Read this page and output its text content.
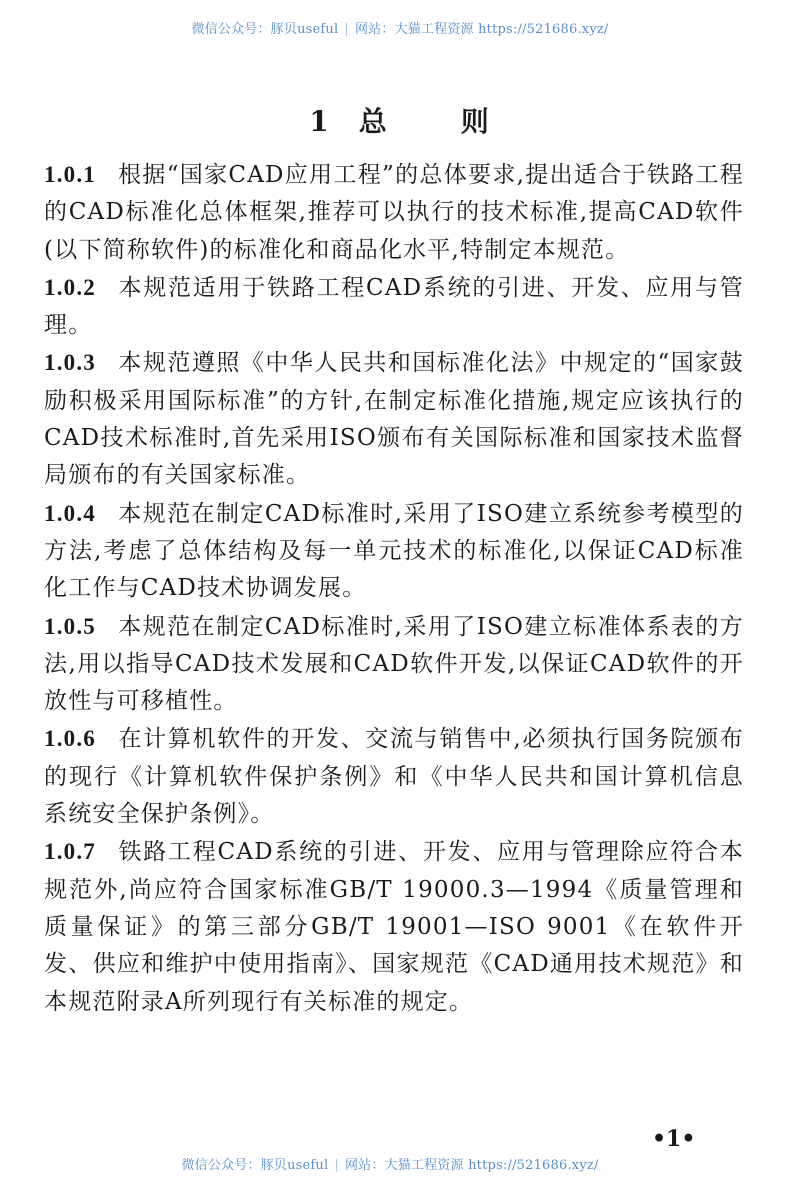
微信公众号：豚贝useful | 网站：大猫工程资源 https://521686.xyz/
1 总	则

1.0.1 根据“国家CAD应用工程”的总体要求,提出适合于铁路工程的CAD标准化总体框架,推荐可以执行的技术标准,提高CAD软件(以下简称软件)的标准化和商品化水平,特制定本规范。

1.0.2 本规范适用于铁路工程CAD系统的引进、开发、应用与管理。

1.0.3 本规范遵照《中华人民共和国标准化法》中规定的“国家鼓励积极采用国际标准”的方针,在制定标准化措施,规定应该执行的CAD技术标准时,首先采用ISO颁布有关国际标准和国家技术监督局颁布的有关国家标准。

1.0.4 本规范在制定CAD标准时,采用了ISO建立系统参考模型的方法,考虑了总体结构及每一单元技术的标准化,以保证CAD标准化工作与CAD技术协调发展。

1.0.5 本规范在制定CAD标准时,采用了ISO建立标准体系表的方法,用以指导CAD技术发展和CAD软件开发,以保证CAD软件的开放性与可移植性。

1.0.6 在计算机软件的开发、交流与销售中,必须执行国务院颁布的现行《计算机软件保护条例》和《中华人民共和国计算机信息系统安全保护条例》。

1.0.7 铁路工程CAD系统的引进、开发、应用与管理除应符合本规范外,尚应符合国家标准GB/T 19000.3—1994《质量管理和质量保证》的第三部分GB/T 19001—ISO 9001《在软件开发、供应和维护中使用指南》、国家规范《CAD通用技术规范》和本规范附录A所列现行有关标准的规定。

•1•
微信公众号：豚贝useful | 网站：大猫工程资源 https://521686.xyz/
